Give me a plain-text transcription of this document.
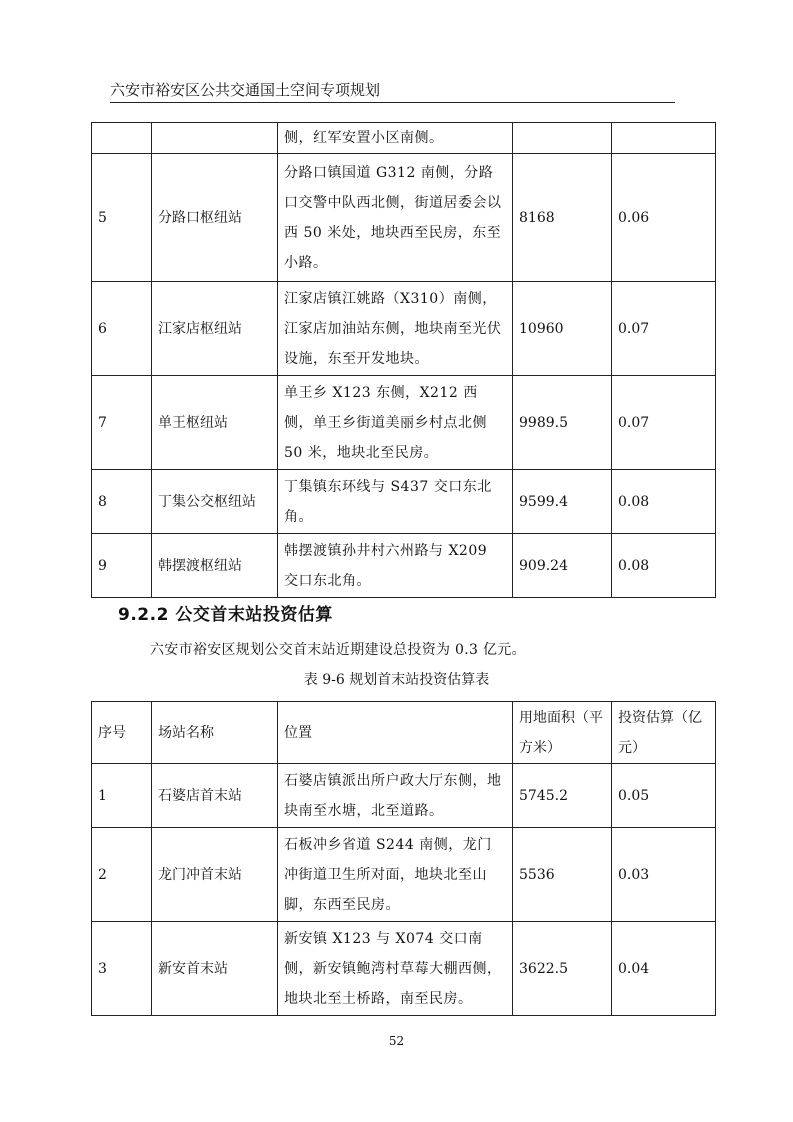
六安市裕安区公共交通国土空间专项规划
		侧，红军安置小区南侧。		
5	分路口枢纽站	分路口镇国道 G312 南侧，分路口交警中队西北侧，街道居委会以西 50 米处，地块西至民房，东至小路。	8168	0.06
6	江家店枢纽站	江家店镇江姚路（X310）南侧，江家店加油站东侧，地块南至光伏设施，东至开发地块。	10960	0.07
7	单王枢纽站	单王乡 X123 东侧，X212 西侧，单王乡街道美丽乡村点北侧 50 米，地块北至民房。	9989.5	0.07
8	丁集公交枢纽站	丁集镇东环线与 S437 交口东北角。	9599.4	0.08
9	韩摆渡枢纽站	韩摆渡镇孙井村六州路与 X209 交口东北角。	909.24	0.08
9.2.2 公交首末站投资估算
六安市裕安区规划公交首末站近期建设总投资为 0.3 亿元。
表 9-6 规划首末站投资估算表
序号	场站名称	位置	用地面积（平方米）	投资估算（亿元）
1	石婆店首末站	石婆店镇派出所户政大厅东侧，地块南至水塘，北至道路。	5745.2	0.05
2	龙门冲首末站	石板冲乡省道 S244 南侧，龙门冲街道卫生所对面，地块北至山脚，东西至民房。	5536	0.03
3	新安首末站	新安镇 X123 与 X074 交口南侧，新安镇鲍湾村草莓大棚西侧，地块北至土桥路，南至民房。	3622.5	0.04
52
